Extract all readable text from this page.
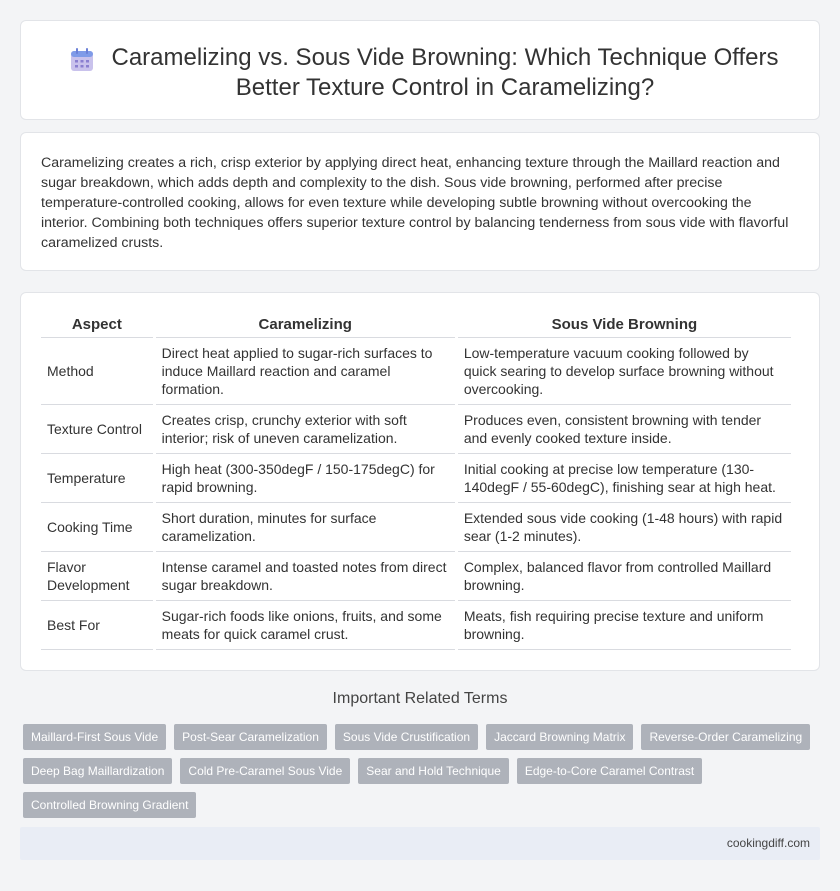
Caramelizing vs. Sous Vide Browning: Which Technique Offers Better Texture Control in Caramelizing?

Caramelizing creates a rich, crisp exterior by applying direct heat, enhancing texture through the Maillard reaction and sugar breakdown, which adds depth and complexity to the dish. Sous vide browning, performed after precise temperature-controlled cooking, allows for even texture while developing subtle browning without overcooking the interior. Combining both techniques offers superior texture control by balancing tenderness from sous vide with flavorful caramelized crusts.

Aspect	Caramelizing	Sous Vide Browning
Method	Direct heat applied to sugar-rich surfaces to induce Maillard reaction and caramel formation.	Low-temperature vacuum cooking followed by quick searing to develop surface browning without overcooking.
Texture Control	Creates crisp, crunchy exterior with soft interior; risk of uneven caramelization.	Produces even, consistent browning with tender and evenly cooked texture inside.
Temperature	High heat (300-350degF / 150-175degC) for rapid browning.	Initial cooking at precise low temperature (130-140degF / 55-60degC), finishing sear at high heat.
Cooking Time	Short duration, minutes for surface caramelization.	Extended sous vide cooking (1-48 hours) with rapid sear (1-2 minutes).
Flavor Development	Intense caramel and toasted notes from direct sugar breakdown.	Complex, balanced flavor from controlled Maillard browning.
Best For	Sugar-rich foods like onions, fruits, and some meats for quick caramel crust.	Meats, fish requiring precise texture and uniform browning.
Important Related Terms
Maillard-First Sous Vide	Post-Sear Caramelization	Sous Vide Crustification	Jaccard Browning Matrix	Reverse-Order Caramelizing
Deep Bag Maillardization	Cold Pre-Caramel Sous Vide	Sear and Hold Technique	Edge-to-Core Caramel Contrast
Controlled Browning Gradient
cookingdiff.com
